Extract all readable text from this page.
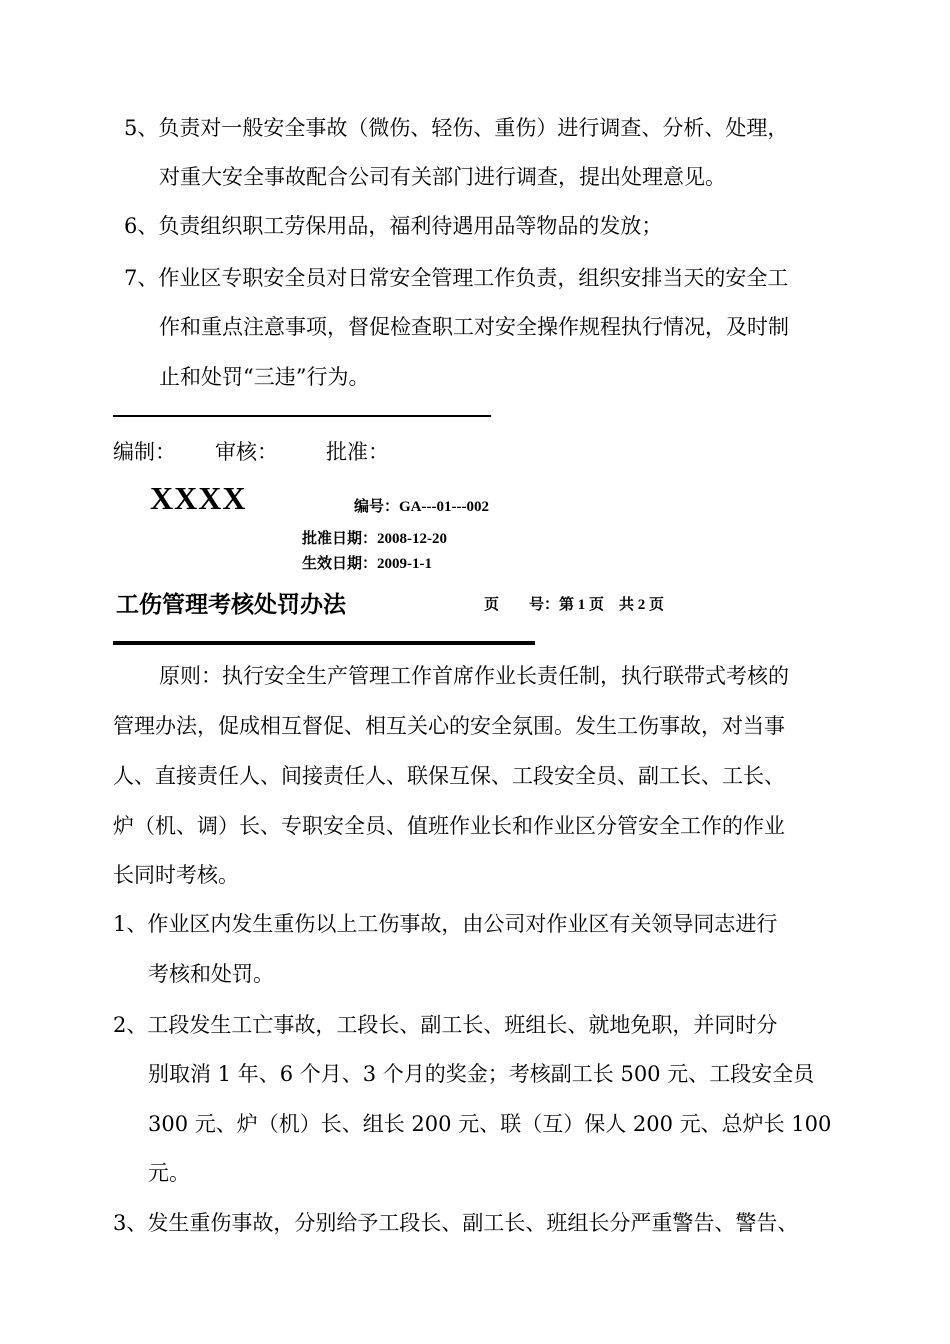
5、负责对一般安全事故（微伤、轻伤、重伤）进行调查、分析、处理，
对重大安全事故配合公司有关部门进行调查，提出处理意见。
6、负责组织职工劳保用品，福利待遇用品等物品的发放；
7、作业区专职安全员对日常安全管理工作负责，组织安排当天的安全工
作和重点注意事项，督促检查职工对安全操作规程执行情况，及时制
止和处罚“三违”行为。
编制： 审核： 批准：
XXXX	编号：GA---01---002
批准日期：2008-12-20
生效日期：2009-1-1
工伤管理考核处罚办法	页　　号：第 1 页　共 2 页
原则：执行安全生产管理工作首席作业长责任制，执行联带式考核的
管理办法，促成相互督促、相互关心的安全氛围。发生工伤事故，对当事
人、直接责任人、间接责任人、联保互保、工段安全员、副工长、工长、
炉（机、调）长、专职安全员、值班作业长和作业区分管安全工作的作业
长同时考核。
1、作业区内发生重伤以上工伤事故，由公司对作业区有关领导同志进行
考核和处罚。
2、工段发生工亡事故，工段长、副工长、班组长、就地免职，并同时分
别取消 1 年、6 个月、3 个月的奖金；考核副工长 500 元、工段安全员
300 元、炉（机）长、组长 200 元、联（互）保人 200 元、总炉长 100
元。
3、发生重伤事故，分别给予工段长、副工长、班组长分严重警告、警告、
